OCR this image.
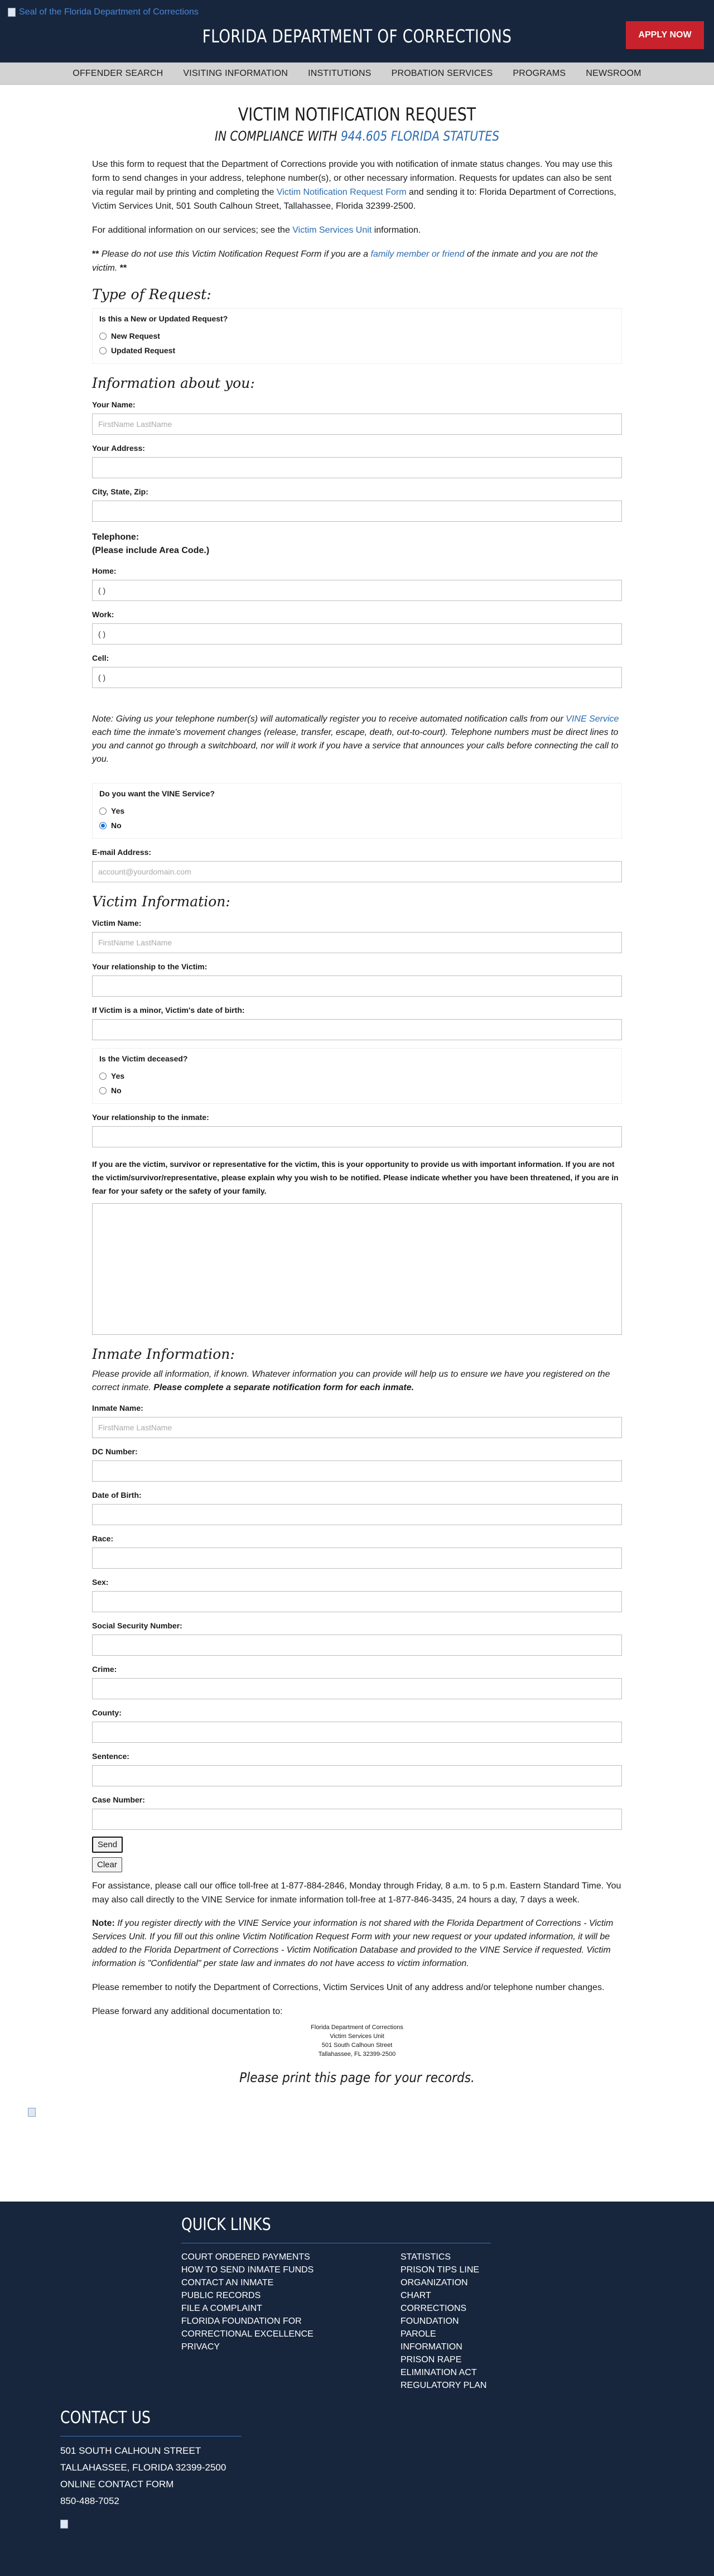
Seal of the Florida Department of Corrections
FLORIDA DEPARTMENT OF CORRECTIONS	APPLY NOW
OFFENDER SEARCH	VISITING INFORMATION	INSTITUTIONS	PROBATION SERVICES	PROGRAMS	NEWSROOM
VICTIM NOTIFICATION REQUEST
IN COMPLIANCE WITH 944.605 FLORIDA STATUTES

Use this form to request that the Department of Corrections provide you with notification of inmate status changes. You may use this form to send changes in your address, telephone number(s), or other necessary information. Requests for updates can also be sent via regular mail by printing and completing the Victim Notification Request Form and sending it to: Florida Department of Corrections, Victim Services Unit, 501 South Calhoun Street, Tallahassee, Florida 32399-2500.

For additional information on our services; see the Victim Services Unit information.

** Please do not use this Victim Notification Request Form if you are a family member or friend of the inmate and you are not the victim. **

Type of Request:
Is this a New or Updated Request?
New Request
Updated Request
Information about you:
Your Name:
FirstName LastName
Your Address:
City, State, Zip:
Telephone:
(Please include Area Code.)
Home:
( )
Work:
( )
Cell:
( )

Note: Giving us your telephone number(s) will automatically register you to receive automated notification calls from our VINE Service each time the inmate's movement changes (release, transfer, escape, death, out-to-court). Telephone numbers must be direct lines to you and cannot go through a switchboard, nor will it work if you have a service that announces your calls before connecting the call to you.

Do you want the VINE Service?
Yes
No
E-mail Address:
account@yourdomain.com
Victim Information:
Victim Name:
FirstName LastName
Your relationship to the Victim:
If Victim is a minor, Victim's date of birth:
Is the Victim deceased?
Yes
No
Your relationship to the inmate:
If you are the victim, survivor or representative for the victim, this is your opportunity to provide us with important information. If you are not the victim/survivor/representative, please explain why you wish to be notified. Please indicate whether you have been threatened, if you are in fear for your safety or the safety of your family.
Inmate Information:

Please provide all information, if known. Whatever information you can provide will help us to ensure we have you registered on the correct inmate. Please complete a separate notification form for each inmate.

Inmate Name:
FirstName LastName
DC Number:
Date of Birth:
Race:
Sex:
Social Security Number:
Crime:
County:
Sentence:
Case Number:
Send
Clear

For assistance, please call our office toll-free at 1-877-884-2846, Monday through Friday, 8 a.m. to 5 p.m. Eastern Standard Time. You may also call directly to the VINE Service for inmate information toll-free at 1-877-846-3435, 24 hours a day, 7 days a week.

Note: If you register directly with the VINE Service your information is not shared with the Florida Department of Corrections - Victim Services Unit. If you fill out this online Victim Notification Request Form with your new request or your updated information, it will be added to the Florida Department of Corrections - Victim Notification Database and provided to the VINE Service if requested. Victim information is "Confidential" per state law and inmates do not have access to victim information.

Please remember to notify the Department of Corrections, Victim Services Unit of any address and/or telephone number changes.

Please forward any additional documentation to:

Florida Department of Corrections
Victim Services Unit
501 South Calhoun Street
Tallahassee, FL 32399-2500
Please print this page for your records.
QUICK LINKS
COURT ORDERED PAYMENTS
HOW TO SEND INMATE FUNDS
CONTACT AN INMATE
PUBLIC RECORDS
FILE A COMPLAINT
FLORIDA FOUNDATION FOR
CORRECTIONAL EXCELLENCE
PRIVACY
STATISTICS
PRISON TIPS LINE
ORGANIZATION
CHART
CORRECTIONS
FOUNDATION
PAROLE
INFORMATION
PRISON RAPE
ELIMINATION ACT
REGULATORY PLAN
CONTACT US
501 SOUTH CALHOUN STREET
TALLAHASSEE, FLORIDA 32399-2500
ONLINE CONTACT FORM
850-488-7052
